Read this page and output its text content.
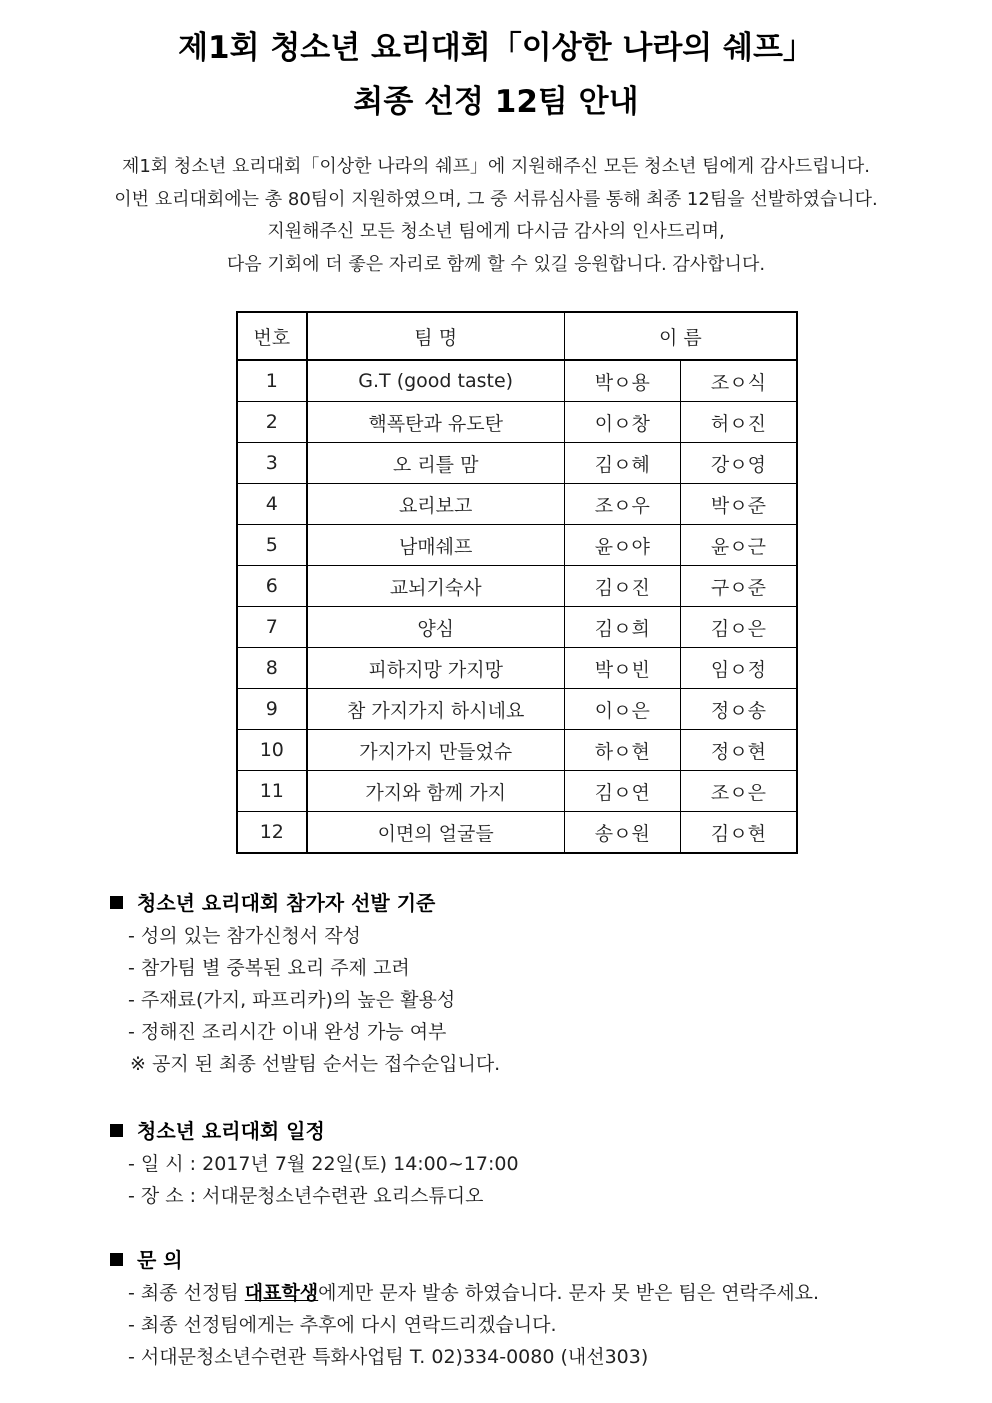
제1회 청소년 요리대회「이상한 나라의 쉐프」
최종 선정 12팀 안내
제1회 청소년 요리대회「이상한 나라의 쉐프」에 지원해주신 모든 청소년 팀에게 감사드립니다.
이번 요리대회에는 총 80팀이 지원하였으며, 그 중 서류심사를 통해 최종 12팀을 선발하였습니다.
지원해주신 모든 청소년 팀에게 다시금 감사의 인사드리며,
다음 기회에 더 좋은 자리로 함께 할 수 있길 응원합니다. 감사합니다.
번호	팀 명	이 름	
1	G.T (good taste)	박ㅇ용	조ㅇ식
2	핵폭탄과 유도탄	이ㅇ창	허ㅇ진
3	오 리틀 맘	김ㅇ혜	강ㅇ영
4	요리보고	조ㅇ우	박ㅇ준
5	남매쉐프	윤ㅇ야	윤ㅇ근
6	교뇌기숙사	김ㅇ진	구ㅇ준
7	양심	김ㅇ희	김ㅇ은
8	피하지망 가지망	박ㅇ빈	임ㅇ정
9	참 가지가지 하시네요	이ㅇ은	정ㅇ송
10	가지가지 만들었슈	하ㅇ현	정ㅇ현
11	가지와 함께 가지	김ㅇ연	조ㅇ은
12	이면의 얼굴들	송ㅇ원	김ㅇ현
청소년 요리대회 참가자 선발 기준
- 성의 있는 참가신청서 작성
- 참가팀 별 중복된 요리 주제 고려
- 주재료(가지, 파프리카)의 높은 활용성
- 정해진 조리시간 이내 완성 가능 여부
※ 공지 된 최종 선발팀 순서는 접수순입니다.
청소년 요리대회 일정
- 일 시 : 2017년 7월 22일(토) 14:00~17:00
- 장 소 : 서대문청소년수련관 요리스튜디오
문 의
- 최종 선정팀 대표학생에게만 문자 발송 하였습니다. 문자 못 받은 팀은 연락주세요.
- 최종 선정팀에게는 추후에 다시 연락드리겠습니다.
- 서대문청소년수련관 특화사업팀 T. 02)334-0080 (내선303)
